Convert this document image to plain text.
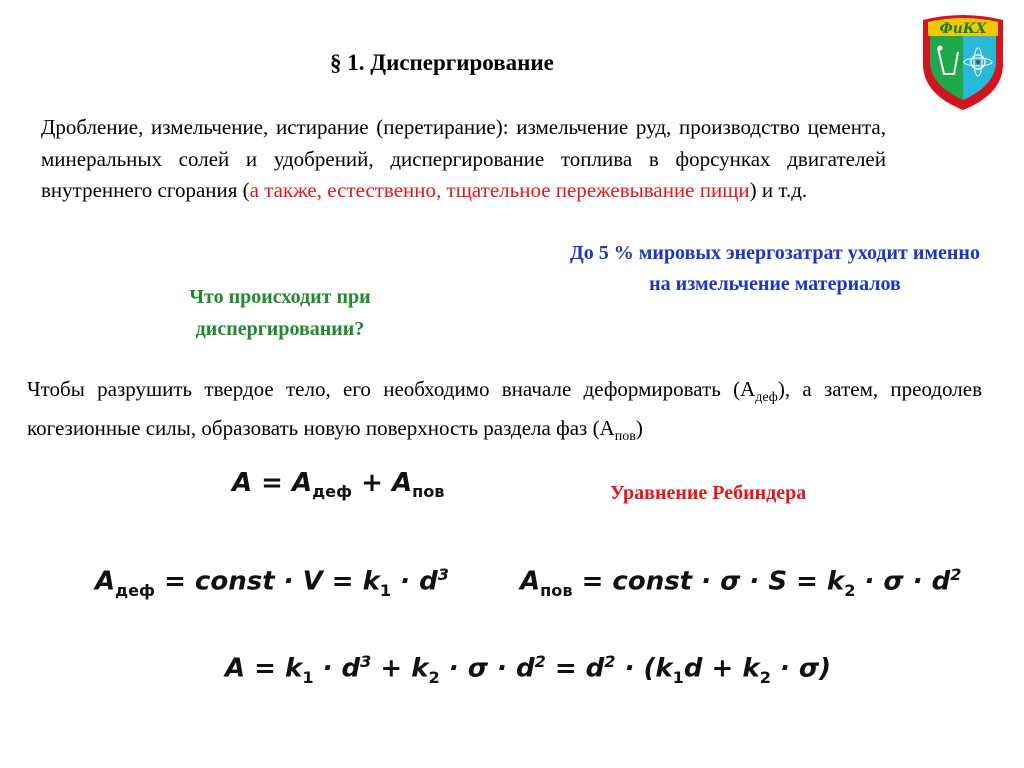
§ 1. Диспергирование
ФиКХ
Дробление, измельчение, истирание (перетирание): измельчение руд, производство цемента, минеральных солей и удобрений, диспергирование топлива в форсунках двигателей внутреннего сгорания (а также, естественно, тщательное пережевывание пищи) и т.д.
До 5 % мировых энергозатрат уходит именно на измельчение материалов
Что происходит при диспергировании?
Чтобы разрушить твердое тело, его необходимо вначале деформировать $(А_{деф})$, а затем, преодолев когезионные силы, образовать новую поверхность раздела фаз $(А_{пов})$
$A = A_{деф} + A_{пов}$	Уравнение Ребиндера
$A_{деф}$ = const · $V = k_1 \cdot d^3$	$A_{пов}$ = const · $\sigma \cdot S = k_2 \cdot \sigma \cdot d^2$
$A = k_1 \cdot d^3 + k_2 \cdot \sigma \cdot d^2 = d^2 \cdot (k_1d + k_2 \cdot \sigma)$
